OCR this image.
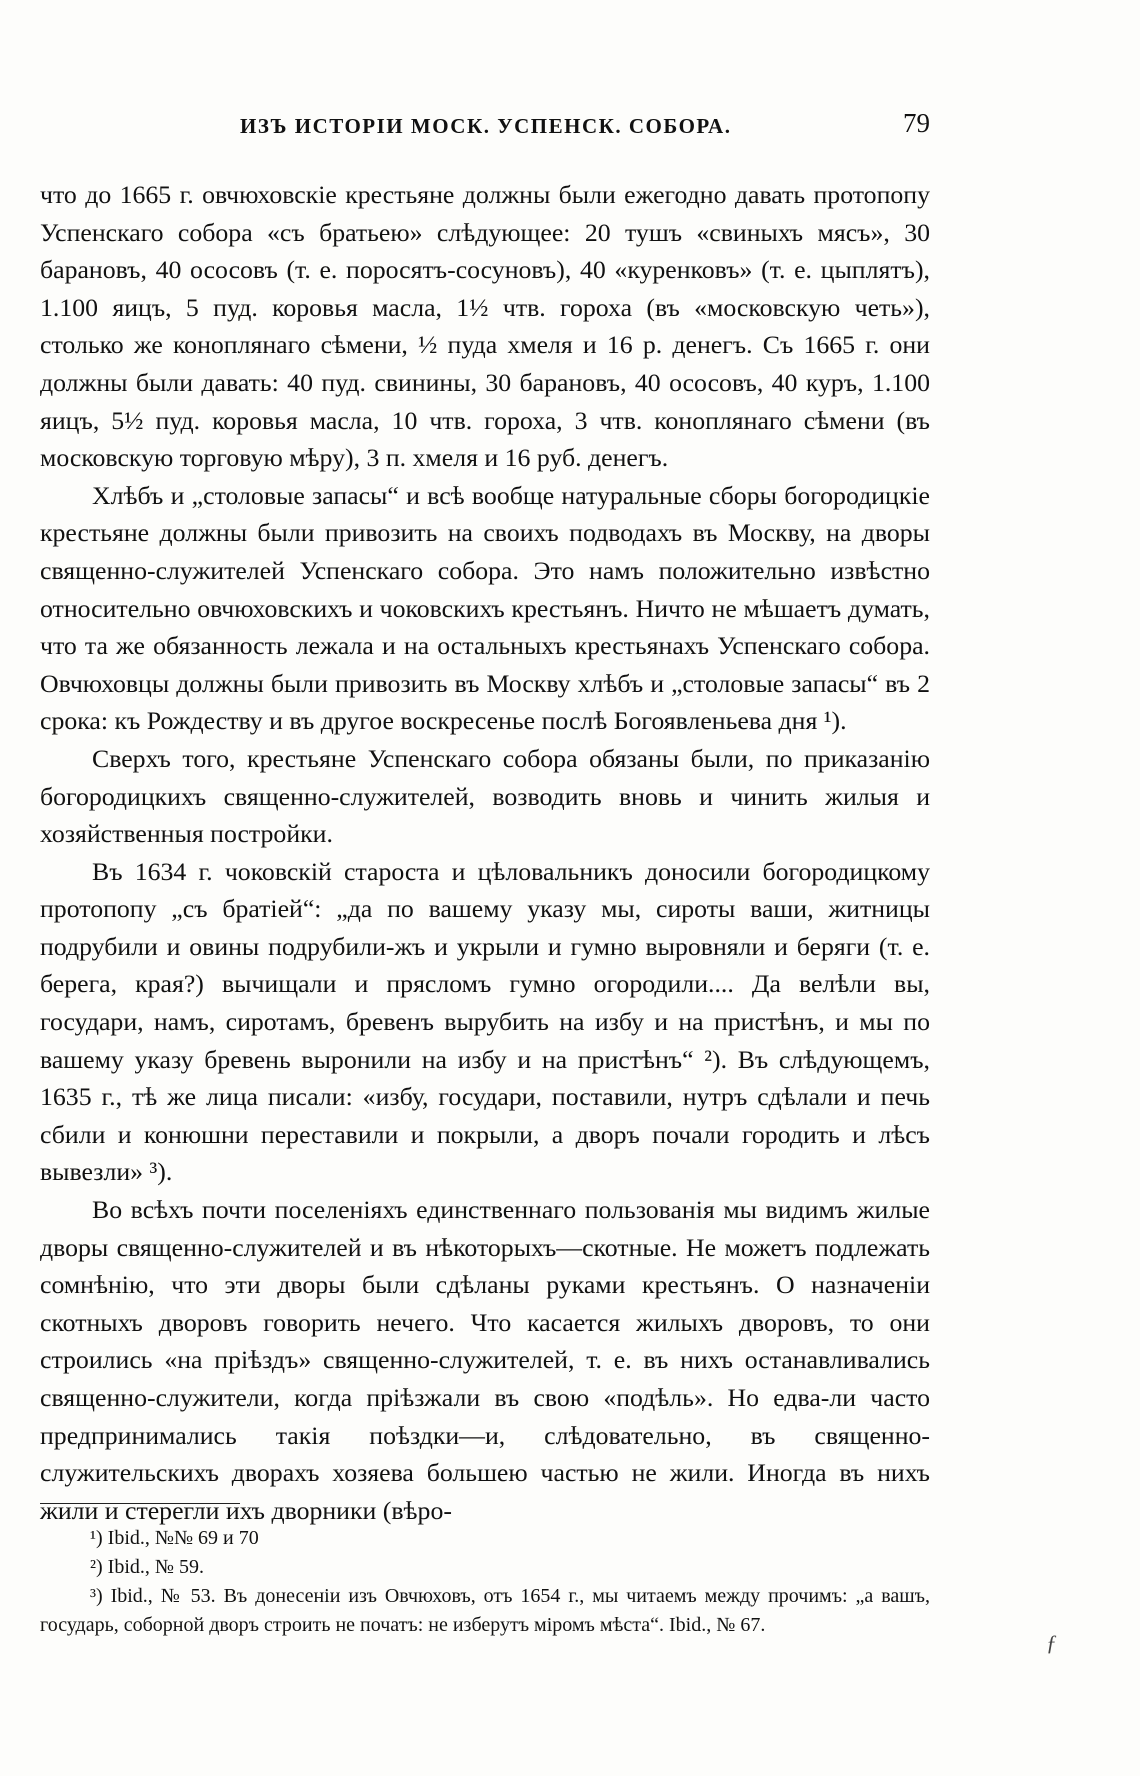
ИЗЪ ИСТОРІИ МОСК. УСПЕНСК. СОБОРА.	79

что до 1665 г. овчюховскіе крестьяне должны были ежегодно давать протопопу Успенскаго собора «съ братьею» слѣдующее: 20 тушъ «свиныхъ мясъ», 30 барановъ, 40 ососовъ (т. е. поросятъ-сосуновъ), 40 «куренковъ» (т. е. цыплятъ), 1.100 яицъ, 5 пуд. коровья масла, 1½ чтв. гороха (въ «московскую четь»), столько же коноплянаго сѣмени, ½ пуда хмеля и 16 р. денегъ. Съ 1665 г. они должны были давать: 40 пуд. свинины, 30 барановъ, 40 ососовъ, 40 куръ, 1.100 яицъ, 5½ пуд. коровья масла, 10 чтв. гороха, 3 чтв. коноплянаго сѣмени (въ московскую торговую мѣру), 3 п. хмеля и 16 руб. денегъ.

Хлѣбъ и „столовые запасы“ и всѣ вообще натуральные сборы богородицкіе крестьяне должны были привозить на своихъ подводахъ въ Москву, на дворы священно-служителей Успенскаго собора. Это намъ положительно извѣстно относительно овчюховскихъ и чоковскихъ крестьянъ. Ничто не мѣшаетъ думать, что та же обязанность лежала и на остальныхъ крестьянахъ Успенскаго собора. Овчюховцы должны были привозить въ Москву хлѣбъ и „столовые запасы“ въ 2 срока: къ Рождеству и въ другое воскресенье послѣ Богоявленьева дня ¹).

Сверхъ того, крестьяне Успенскаго собора обязаны были, по приказанію богородицкихъ священно-служителей, возводить вновь и чинить жилыя и хозяйственныя постройки.

Въ 1634 г. чоковскій староста и цѣловальникъ доносили богородицкому протопопу „съ братіей“: „да по вашему указу мы, сироты ваши, житницы подрубили и овины подрубили-жъ и укрыли и гумно выровняли и беряги (т. е. берега, края?) вычищали и прясломъ гумно огородили.... Да велѣли вы, государи, намъ, сиротамъ, бревенъ вырубить на избу и на пристѣнъ, и мы по вашему указу бревень выронили на избу и на пристѣнъ“ ²). Въ слѣдующемъ, 1635 г., тѣ же лица писали: «избу, государи, поставили, нутръ сдѣлали и печь сбили и конюшни переставили и покрыли, а дворъ почали городить и лѣсъ вывезли» ³).

Во всѣхъ почти поселеніяхъ единственнаго пользованія мы видимъ жилые дворы священно-служителей и въ нѣкоторыхъ—скотные. Не можетъ подлежать сомнѣнію, что эти дворы были сдѣланы руками крестьянъ. О назначеніи скотныхъ дворовъ говорить нечего. Что касается жилыхъ дворовъ, то они строились «на пріѣздъ» священно-служителей, т. е. въ нихъ останавливались священно-служители, когда пріѣзжали въ свою «подѣль». Но едва-ли часто предпринимались такія поѣздки—и, слѣдовательно, въ священно-служительскихъ дворахъ хозяева большею частью не жили. Иногда въ нихъ жили и стерегли ихъ дворники (вѣро-

¹) Ibid., №№ 69 и 70

²) Ibid., № 59.

³) Ibid., № 53. Въ донесеніи изъ Овчюховъ, отъ 1654 г., мы читаемъ между прочимъ: „а вашъ, государь, соборной дворъ строить не початъ: не изберутъ міромъ мѣста“. Ibid., № 67.

ƒ
